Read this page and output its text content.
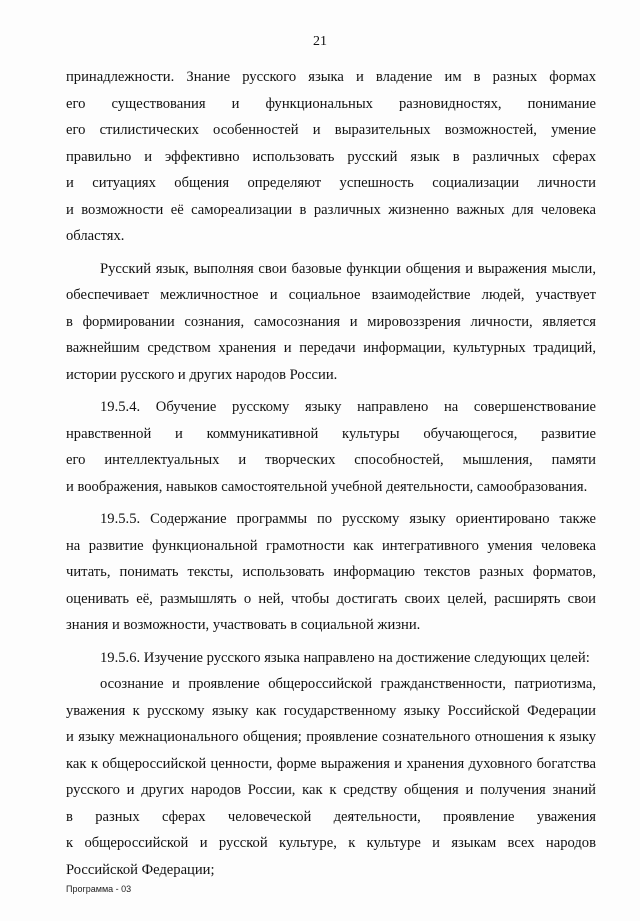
21
принадлежности. Знание русского языка и владение им в разных формах
его существования и функциональных разновидностях, понимание
его стилистических особенностей и выразительных возможностей, умение
правильно и эффективно использовать русский язык в различных сферах
и ситуациях общения определяют успешность социализации личности
и возможности её самореализации в различных жизненно важных для человека
областях.
Русский язык, выполняя свои базовые функции общения и выражения мысли,
обеспечивает межличностное и социальное взаимодействие людей, участвует
в формировании сознания, самосознания и мировоззрения личности, является
важнейшим средством хранения и передачи информации, культурных традиций,
истории русского и других народов России.
19.5.4. Обучение русскому языку направлено на совершенствование
нравственной и коммуникативной культуры обучающегося, развитие
его интеллектуальных и творческих способностей, мышления, памяти
и воображения, навыков самостоятельной учебной деятельности, самообразования.
19.5.5. Содержание программы по русскому языку ориентировано также
на развитие функциональной грамотности как интегративного умения человека
читать, понимать тексты, использовать информацию текстов разных форматов,
оценивать её, размышлять о ней, чтобы достигать своих целей, расширять свои
знания и возможности, участвовать в социальной жизни.
19.5.6. Изучение русского языка направлено на достижение следующих целей:
осознание и проявление общероссийской гражданственности, патриотизма,
уважения к русскому языку как государственному языку Российской Федерации
и языку межнационального общения; проявление сознательного отношения к языку
как к общероссийской ценности, форме выражения и хранения духовного богатства
русского и других народов России, как к средству общения и получения знаний
в разных сферах человеческой деятельности, проявление уважения
к общероссийской и русской культуре, к культуре и языкам всех народов
Российской Федерации;
Программа - 03
